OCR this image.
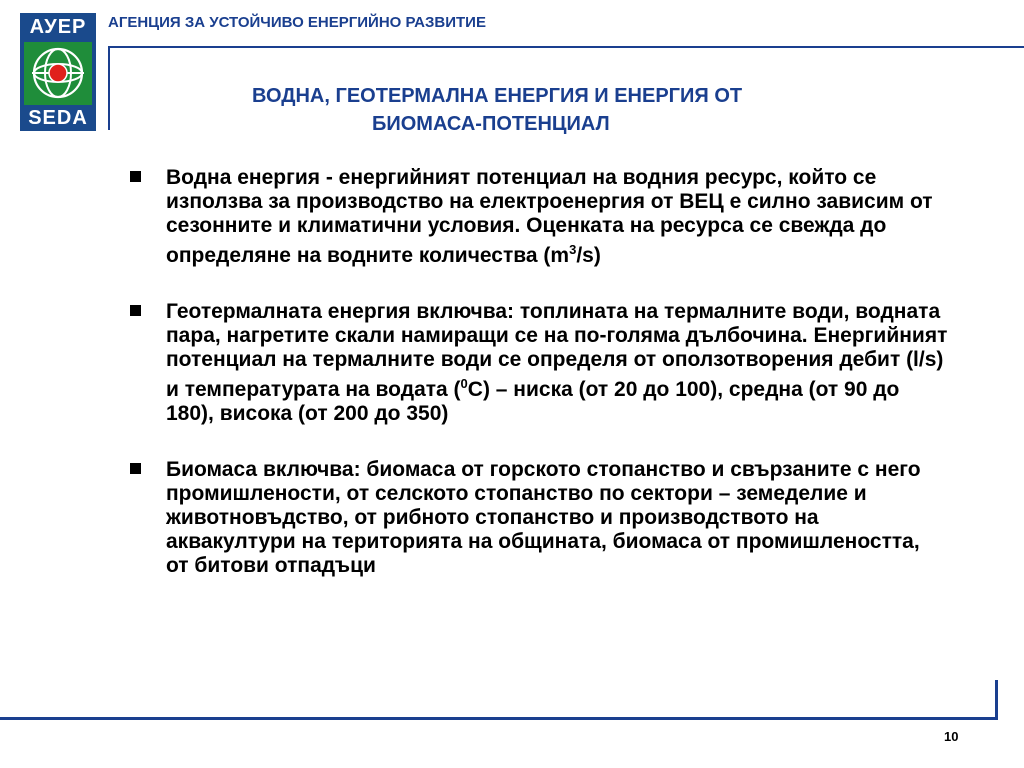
АУЕР
SEDA
АГЕНЦИЯ ЗА УСТОЙЧИВО ЕНЕРГИЙНО РАЗВИТИЕ
ВОДНА, ГЕОТЕРМАЛНА ЕНЕРГИЯ И ЕНЕРГИЯ ОТ
БИОМАСА-ПОТЕНЦИАЛ
Водна енергия - енергийният потенциал на водния ресурс, който се използва за производство на електроенергия от ВЕЦ е силно зависим от сезонните и климатични условия. Оценката на ресурса се свежда до определяне на водните количества $(m^3/s)$
Геотермалната енергия включва: топлината на термалните води, водната пара, нагретите скали намиращи се на по-голяма дълбочина. Енергийният потенциал на термалните води се определя от оползотворения дебит (l/s) и температурата на водата ($^0$C) – ниска (от 20 до 100), средна (от 90 до 180), висока (от 200 до 350)
Биомаса включва: биомаса от горското стопанство и свързаните с него промишлености, от селското стопанство по сектори – земеделие и животновъдство, от рибното стопанство и производството на аквакултури на територията на общината, биомаса от промишлеността, от битови отпадъци
10
